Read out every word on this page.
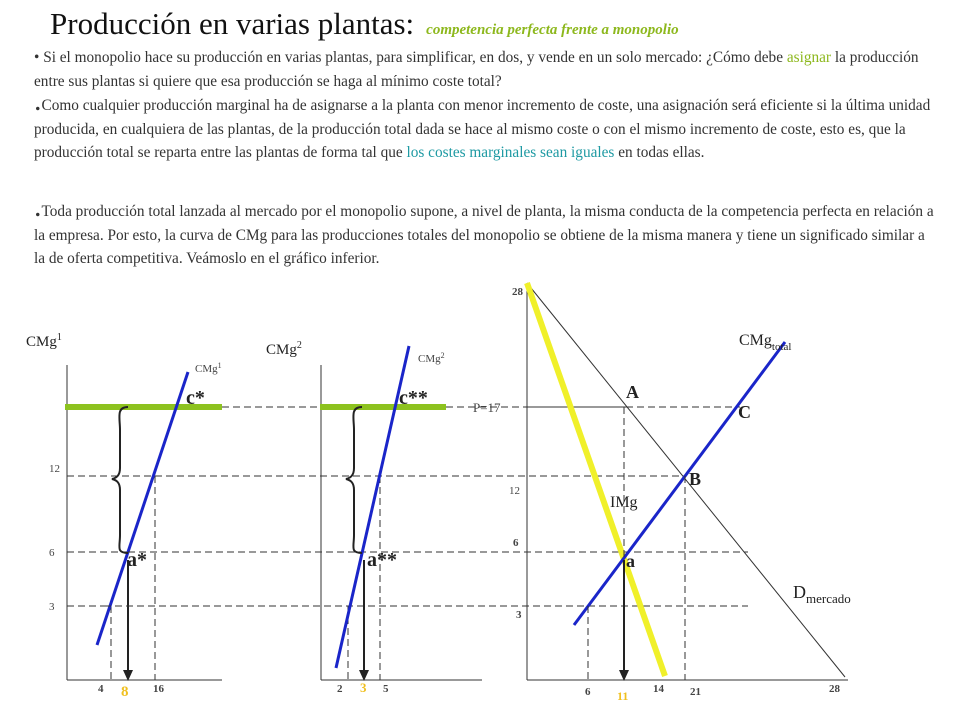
Producción en varias plantas: competencia perfecta frente a monopolio
• Si el monopolio hace su producción en varias plantas, para simplificar, en dos, y vende en un solo mercado: ¿Cómo debe asignar la producción entre sus plantas si quiere que esa producción se haga al mínimo coste total?
.Como cualquier producción marginal ha de asignarse a la planta con menor incremento de coste, una asignación será eficiente si la última unidad producida, en cualquiera de las plantas, de la producción total dada se hace al mismo coste o con el mismo incremento de coste, esto es, que la producción total se reparta entre las plantas de forma tal que los costes marginales sean iguales en todas ellas.
.Toda producción total lanzada al mercado por el monopolio supone, a nivel de planta, la misma conducta de la competencia perfecta en relación a la empresa. Por esto, la curva de CMg para las producciones totales del monopolio se obtiene de la misma manera y tiene un significado similar a la de oferta competitiva. Veámoslo en el gráfico inferior.
CMg$^1$
12
6
3
CMg$^1$
c*
a*
4 8 16
CMg$^2$
CMg$^2$
c**
a**
2 3 5
28
12
6
3
P=17
CMg$_{total}$
IMg
$D_{mercado}$
A
C
B
a
6 11 14 21	28
